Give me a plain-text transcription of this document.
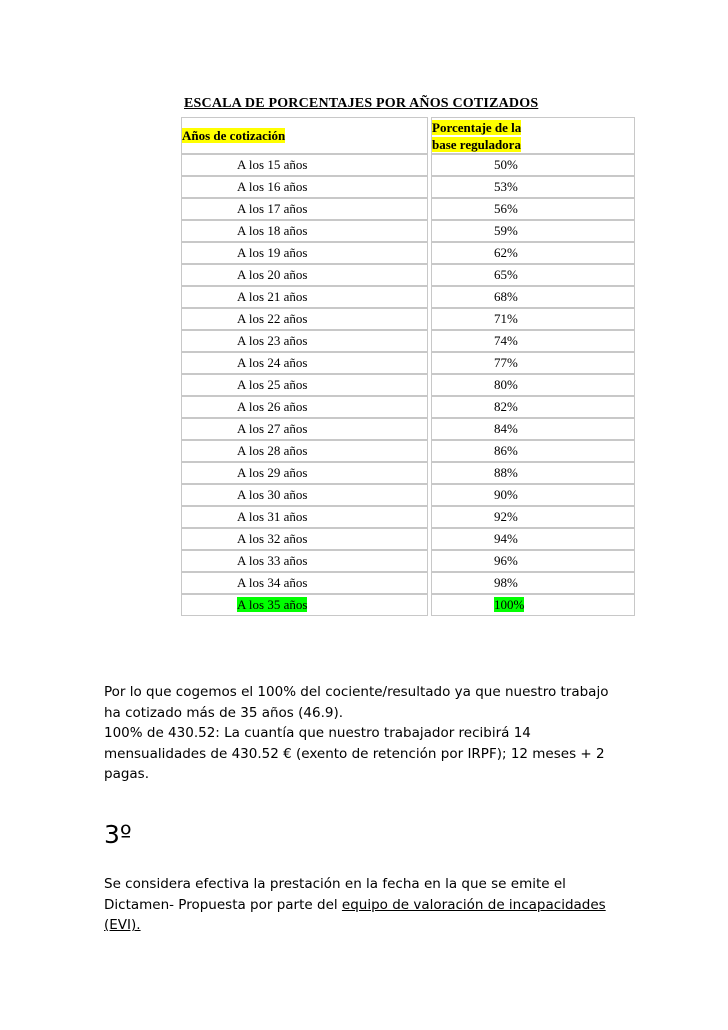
ESCALA DE PORCENTAJES POR AÑOS COTIZADOS
Años de cotización		Porcentaje de la
base reguladora
A los 15 años		50%
A los 16 años		53%
A los 17 años		56%
A los 18 años		59%
A los 19 años		62%
A los 20 años		65%
A los 21 años		68%
A los 22 años		71%
A los 23 años		74%
A los 24 años		77%
A los 25 años		80%
A los 26 años		82%
A los 27 años		84%
A los 28 años		86%
A los 29 años		88%
A los 30 años		90%
A los 31 años		92%
A los 32 años		94%
A los 33 años		96%
A los 34 años		98%
A los 35 años		100%
Por lo que cogemos el 100% del cociente/resultado ya que nuestro trabajo
ha cotizado más de 35 años (46.9).
100% de 430.52: La cuantía que nuestro trabajador recibirá 14
mensualidades de 430.52 € (exento de retención por IRPF); 12 meses + 2
pagas.
3º
Se considera efectiva la prestación en la fecha en la que se emite el
Dictamen- Propuesta por parte del equipo de valoración de incapacidades
(EVI).
